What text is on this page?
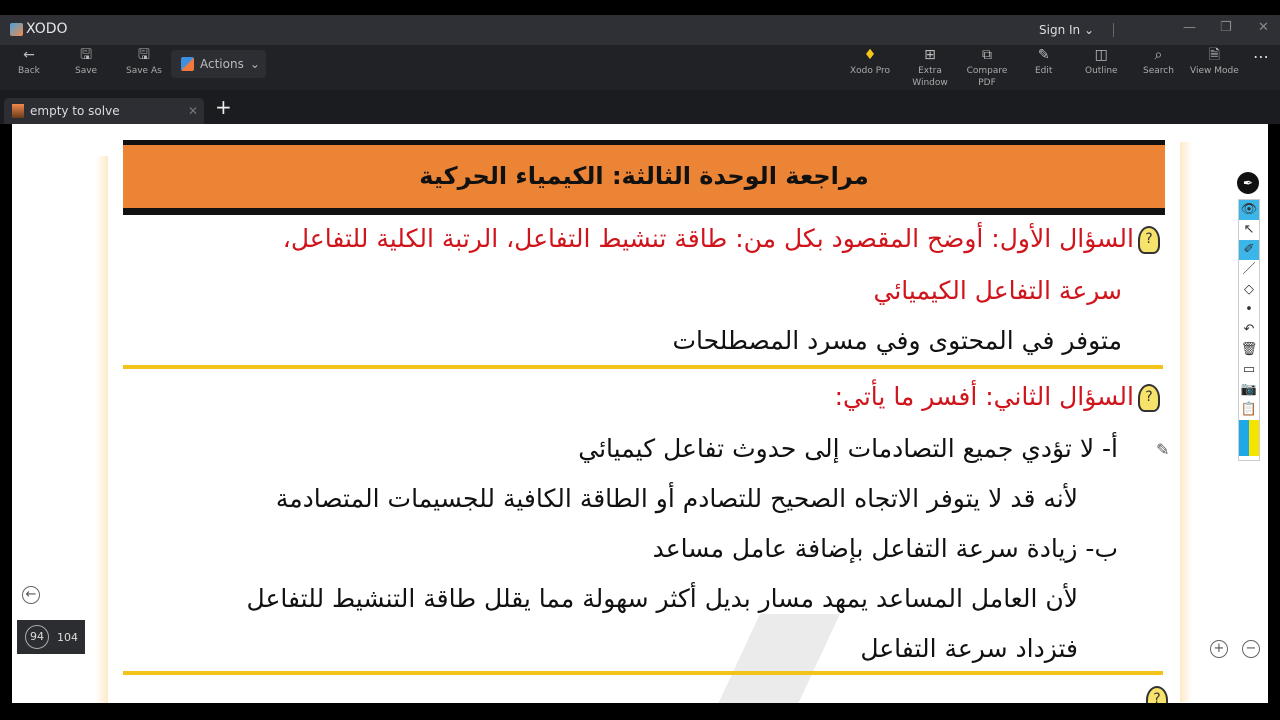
XODO	Sign In ⌄	— ❐ ✕
←
Back
🖫
Save
🖫
Save As	Actions ⌄
♦
Xodo Pro
⊞
Extra Window
⧉
Compare PDF
✎
Edit
◫
Outline
⌕
Search
🗎
View Mode
⋯
empty to solve	✕ +
مراجعة الوحدة الثالثة: الكيمياء الحركية
?السؤال الأول: أوضح المقصود بكل من: طاقة تنشيط التفاعل، الرتبة الكلية للتفاعل،
سرعة التفاعل الكيميائي
متوفر في المحتوى وفي مسرد المصطلحات
?السؤال الثاني: أفسر ما يأتي:
أ- لا تؤدي جميع التصادمات إلى حدوث تفاعل كيميائي
لأنه قد لا يتوفر الاتجاه الصحيح للتصادم أو الطاقة الكافية للجسيمات المتصادمة
ب- زيادة سرعة التفاعل بإضافة عامل مساعد
لأن العامل المساعد يمهد مسار بديل أكثر سهولة مما يقلل طاقة التنشيط للتفاعل
فتزداد سرعة التفاعل
?
✎
✒
👁
↖
✐
／
◇
•
↶
🗑
▭
📷
📋
←
94	104
+ −
